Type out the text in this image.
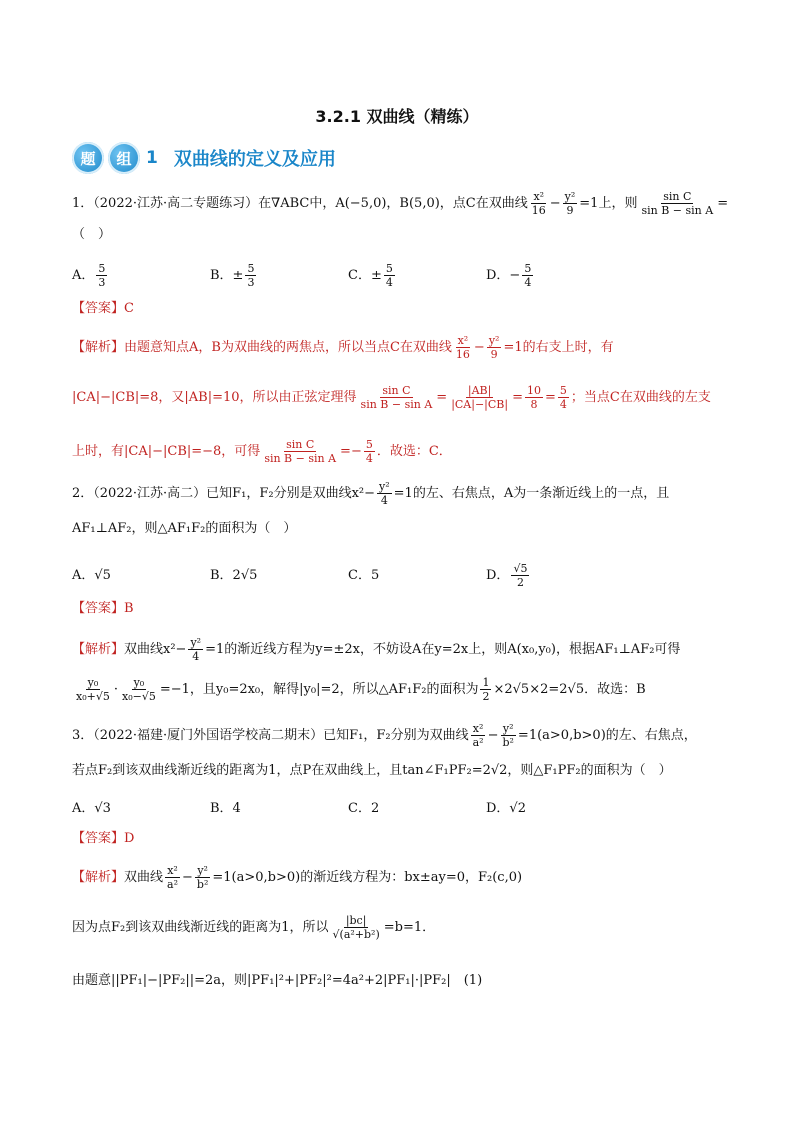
3.2.1 双曲线（精练）
题	组 1 双曲线的定义及应用
1．（2022·江苏·高二专题练习）在∇ABC中，A(−5,0)，B(5,0)，点C在双曲线 $\frac{\text{x²}}{16} - \frac{\text{y²}}{9} =1$上，则 $\frac{\text{sin C}}{\text{sin B − sin A}}$ =
（　）
A． $\frac{5}{3}$	B．± $\frac{5}{3}$	C．± $\frac{5}{4}$	D．− $\frac{5}{4}$
【答案】C
【解析】由题意知点A，B为双曲线的两焦点，所以当点C在双曲线 $\frac{\text{x²}}{16} - \frac{\text{y²}}{9} =1$的右支上时，有
|CA|−|CB|=8，又|AB|=10，所以由正弦定理得 $\frac{\text{sin C}}{\text{sin B − sin A}} = \frac{|AB|}{|CA|-|CB|} = \frac{10}{8} = \frac{5}{4}$ ；当点C在双曲线的左支
上时，有|CA|−|CB|=−8，可得 $\frac{\text{sin C}}{\text{sin B − sin A}} =- \frac{5}{4}$ ．故选：C．
2．（2022·江苏·高二）已知F₁，F₂分别是双曲线$x^2- \frac{\text{y²}}{4} =1$的左、右焦点，A为一条渐近线上的一点，且
AF₁⊥AF₂，则△AF₁F₂的面积为（　）
A．√5	B．2√5	C．5	D． $\frac{√5}{2}$
【答案】B
【解析】双曲线$x^2- \frac{\text{y²}}{4} =1$的渐近线方程为y=±2x，不妨设A在y=2x上，则A(x₀,y₀)，根据AF₁⊥AF₂可得
$\frac{\text{y₀}}{\text{x₀+√5}} \cdot \frac{\text{y₀}}{\text{x₀−√5}} =-1$，且y₀=2x₀，解得|y₀|=2，所以△AF₁F₂的面积为 $\frac{1}{2} \times 2√5\times 2=2√5$．故选：B
3．（2022·福建·厦门外国语学校高二期末）已知F₁，F₂分别为双曲线 $\frac{\text{x²}}{\text{a²}} - \frac{\text{y²}}{\text{b²}} =1(a>0,b>0)$的左、右焦点，
若点F₂到该双曲线渐近线的距离为1，点P在双曲线上，且tan∠F₁PF₂=2√2，则△F₁PF₂的面积为（　）
A．√3	B．4	C．2	D．√2
【答案】D
【解析】双曲线 $\frac{\text{x²}}{\text{a²}} - \frac{\text{y²}}{\text{b²}} =1(a>0,b>0)$的渐近线方程为：bx±ay=0，F₂(c,0)
因为点F₂到该双曲线渐近线的距离为1，所以 $\frac{|bc|}{\text{√(a²+b²)}} =b=1$．
由题意||PF₁|−|PF₂||=2a，则|PF₁|²+|PF₂|²=4a²+2|PF₁|·|PF₂|　(1)
